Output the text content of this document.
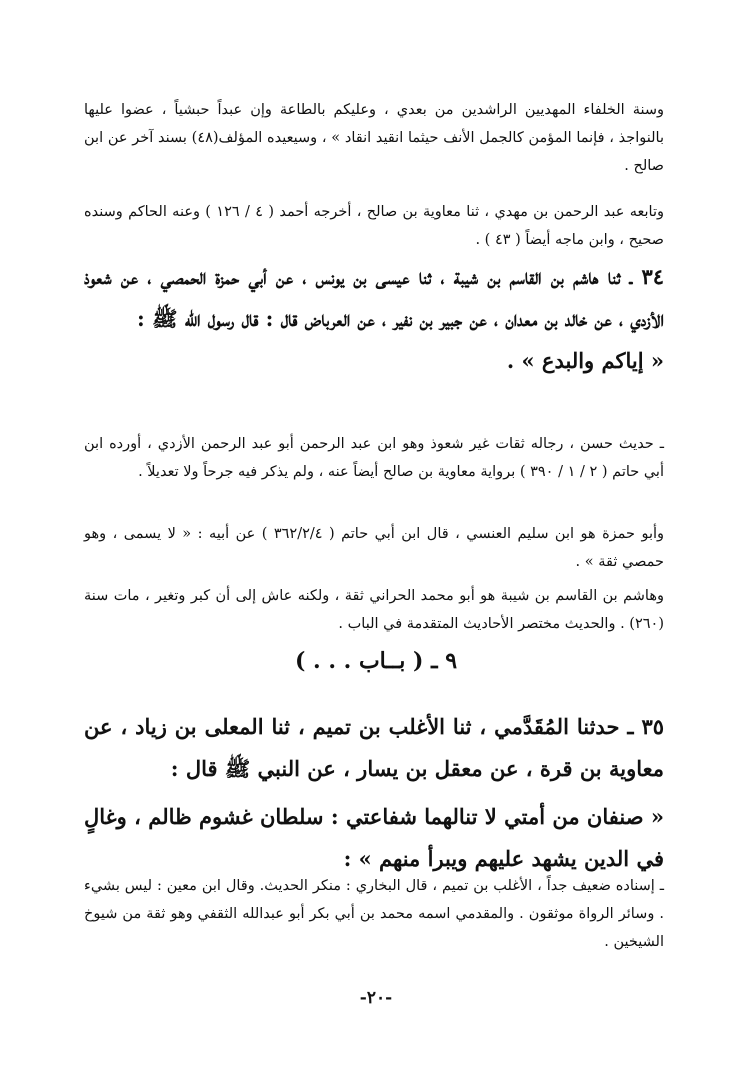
وسنة الخلفاء المهديين الراشدين من بعدي ، وعليكم بالطاعة وإن عبداً حبشياً ، عضوا عليها بالنواجذ ، فإنما المؤمن كالجمل الأنف حيثما انقيد انقاد » ، وسيعيده المؤلف(٤٨) بسند آخر عن ابن صالح .

وتابعه عبد الرحمن بن مهدي ، ثنا معاوية بن صالح ، أخرجه أحمد ( ٤ / ١٢٦ ) وعنه الحاكم وسنده صحيح ، وابن ماجه أيضاً ( ٤٣ ) .

٣٤ ـ ثنا هاشم بن القاسم بن شيبة ، ثنا عيسى بن يونس ، عن أبي حمزة الحمصي ، عن شعوذ الأزدي ، عن خالد بن معدان ، عن جبير بن نفير ، عن العرباض قال : قال رسول الله ﷺ :

« إياكم والبدع » .

ـ حديث حسن ، رجاله ثقات غير شعوذ وهو ابن عبد الرحمن أبو عبد الرحمن الأزدي ، أورده ابن أبي حاتم ( ٢ / ١ / ٣٩٠ ) برواية معاوية بن صالح أيضاً عنه ، ولم يذكر فيه جرحاً ولا تعديلاً .

وأبو حمزة هو ابن سليم العنسي ، قال ابن أبي حاتم ( ٣٦٢/٢/٤ ) عن أبيه : « لا يسمى ، وهو حمصي ثقة » .

وهاشم بن القاسم بن شيبة هو أبو محمد الحراني ثقة ، ولكنه عاش إلى أن كبر وتغير ، مات سنة (٢٦٠) . والحديث مختصر الأحاديث المتقدمة في الباب .

٩ ـ ( بــاب . . . )

٣٥ ـ حدثنا المُقَدَّمي ، ثنا الأغلب بن تميم ، ثنا المعلى بن زياد ، عن معاوية بن قرة ، عن معقل بن يسار ، عن النبي ﷺ قال :

« صنفان من أمتي لا تنالهما شفاعتي : سلطان غشوم ظالم ، وغالٍ في الدين يشهد عليهم ويبرأ منهم » :

ـ إسناده ضعيف جداً ، الأغلب بن تميم ، قال البخاري : منكر الحديث. وقال ابن معين : ليس بشيء . وسائر الرواة موثقون . والمقدمي اسمه محمد بن أبي بكر أبو عبدالله الثقفي وهو ثقة من شيوخ الشيخين .

-٢٠-
